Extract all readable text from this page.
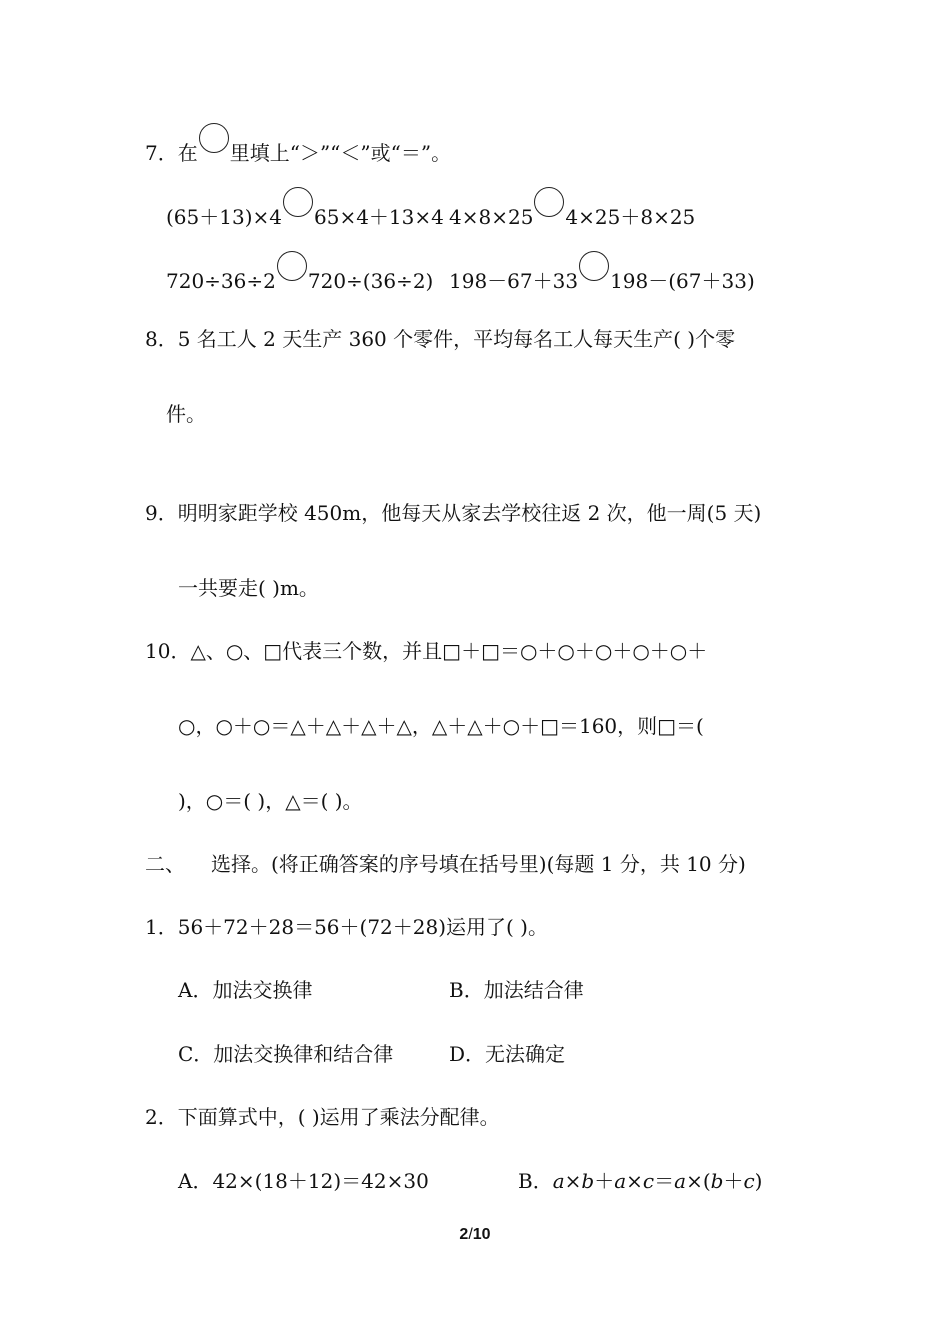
7．在 里填上“＞”“＜”或“＝”。
(65＋13)×4 65×4＋13×4 4×8×25 4×25＋8×25
720÷36÷2 720÷(36÷2) 198－67＋33 198－(67＋33)
8．5 名工人 2 天生产 360 个零件，平均每名工人每天生产( )个零
件。
9．明明家距学校 450m，他每天从家去学校往返 2 次，他一周(5 天)
一共要走( )m。
10．△、○、□代表三个数，并且□＋□＝○＋○＋○＋○＋○＋
○，○＋○＝△＋△＋△＋△，△＋△＋○＋□＝160，则□＝(
)，○＝( )，△＝( )。
二、 选择。(将正确答案的序号填在括号里)(每题 1 分，共 10 分)
1．56＋72＋28＝56＋(72＋28)运用了( )。
A．加法交换律	B．加法结合律
C．加法交换律和结合律	D．无法确定
2．下面算式中，( )运用了乘法分配律。
A．42×(18＋12)＝42×30	B．a×b＋a×c＝a×(b＋c)
2/10
